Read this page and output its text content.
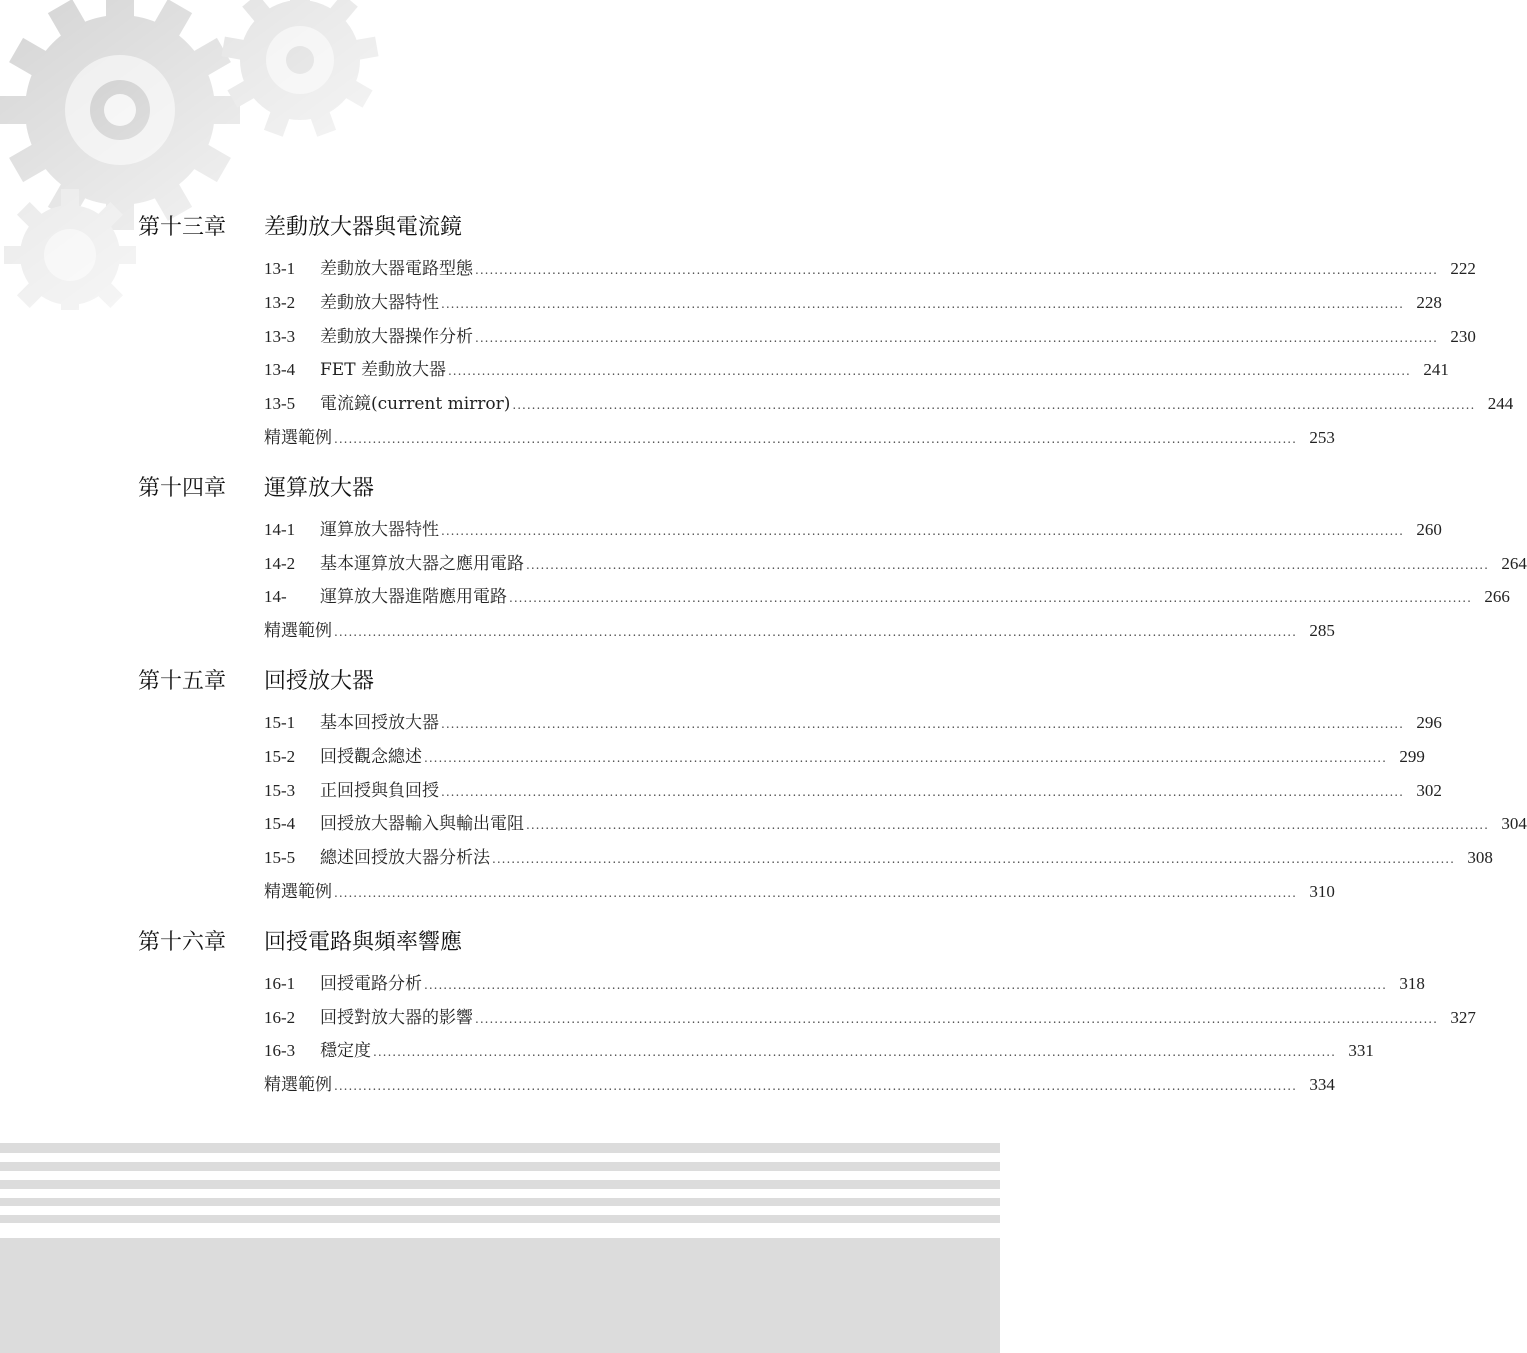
第十三章	差動放大器與電流鏡
13-1	差動放大器電路型態 ........................................................................................................................................................................................................ 222
13-2	差動放大器特性 ........................................................................................................................................................................................................ 228
13-3	差動放大器操作分析 ........................................................................................................................................................................................................ 230
13-4	FET 差動放大器 ........................................................................................................................................................................................................ 241
13-5	電流鏡(current mirror) ........................................................................................................................................................................................................ 244
精選範例 ........................................................................................................................................................................................................ 253
第十四章	運算放大器
14-1	運算放大器特性 ........................................................................................................................................................................................................ 260
14-2	基本運算放大器之應用電路 ........................................................................................................................................................................................................ 264
14-	運算放大器進階應用電路 ........................................................................................................................................................................................................ 266
精選範例 ........................................................................................................................................................................................................ 285
第十五章	回授放大器
15-1	基本回授放大器 ........................................................................................................................................................................................................ 296
15-2	回授觀念總述 ........................................................................................................................................................................................................ 299
15-3	正回授與負回授 ........................................................................................................................................................................................................ 302
15-4	回授放大器輸入與輸出電阻 ........................................................................................................................................................................................................ 304
15-5	總述回授放大器分析法 ........................................................................................................................................................................................................ 308
精選範例 ........................................................................................................................................................................................................ 310
第十六章	回授電路與頻率響應
16-1	回授電路分析 ........................................................................................................................................................................................................ 318
16-2	回授對放大器的影響 ........................................................................................................................................................................................................ 327
16-3	穩定度 ........................................................................................................................................................................................................ 331
精選範例 ........................................................................................................................................................................................................ 334
